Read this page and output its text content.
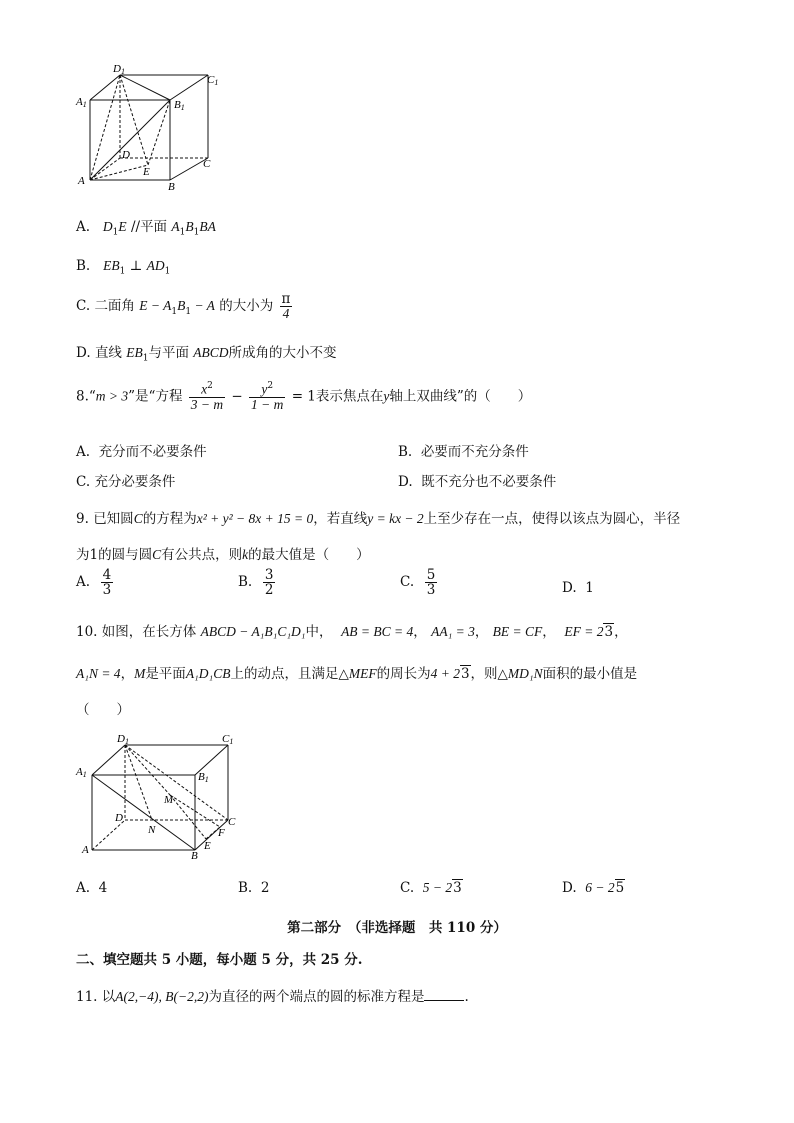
D1
C1
A1	B1
D
C
A	B
E
A. $D_1E$ //平面 $A_1B_1BA$
B. $EB_1$ ⊥ $AD_1$
C. 二面角 $E - A_1B_1 - A$ 的大小为 $\frac{\pi}{4}$
D. 直线 $EB_1$与平面 ABCD所成角的大小不变
8.“m > 3”是“方程 $\frac{x^2}{3 - m} - \frac{y^2}{1 - m} = 1$表示焦点在y轴上双曲线”的（　　）
A. 充分而不必要条件	B. 必要而不充分条件
C. 充分必要条件	D. 既不充分也不必要条件
9. 已知圆C的方程为x² + y² − 8x + 15 = 0，若直线y = kx − 2上至少存在一点，使得以该点为圆心，半径
为1的圆与圆C有公共点，则k的最大值是（　　）
A. $\frac{4}{3}$	B. $\frac{3}{2}$	C. $\frac{5}{3}$	D. 1
10. 如图，在长方体 ABCD − A₁B₁C₁D₁中， AB = BC = 4， AA₁ = 3， BE = CF，  EF = 23，
A₁N = 4，M是平面A₁D₁CB上的动点，且满足△MEF的周长为4 + 23，则△MD₁N面积的最小值是
（　　）
D1	C1
A1	B1
M
D
N
C
F
E
A	B
A. 4	B. 2	C. 5 − 23	D. 6 − 25
第二部分　（非选择题　共 110 分）
二、填空题共 5 小题，每小题 5 分，共 25 分.
11. 以A(2,−4), B(−2,2)为直径的两个端点的圆的标准方程是	.
